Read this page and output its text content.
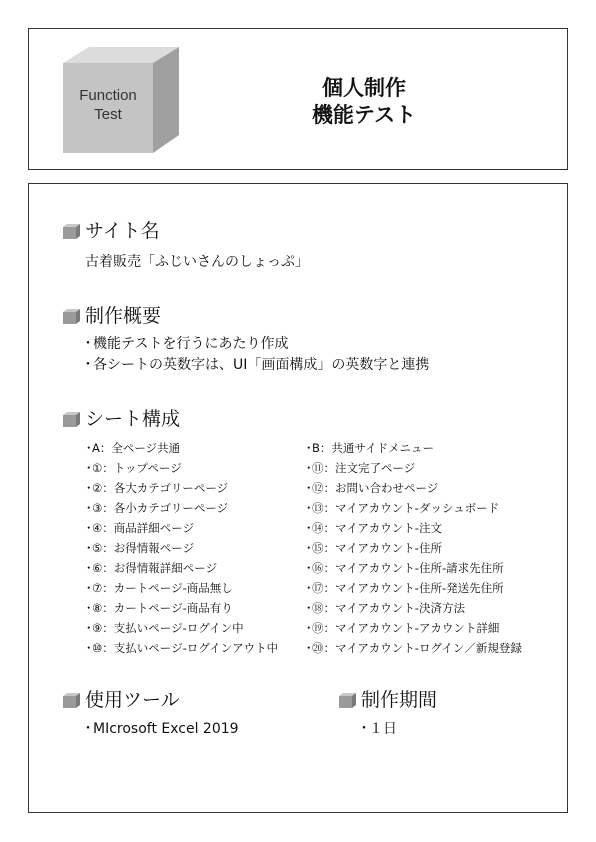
Function
Test
個人制作
機能テスト
サイト名
古着販売「ふじいさんのしょっぷ」
制作概要
・機能テストを行うにあたり作成
・各シートの英数字は、UI「画面構成」の英数字と連携
シート構成
・A：全ページ共通
・①：トップページ
・②：各大カテゴリーページ
・③：各小カテゴリーページ
・④：商品詳細ページ
・⑤：お得情報ページ
・⑥：お得情報詳細ページ
・⑦：カートページ-商品無し
・⑧：カートページ-商品有り
・⑨：支払いページ-ログイン中
・⑩：支払いページ-ログインアウト中
・B：共通サイドメニュー
・⑪：注文完了ページ
・⑫：お問い合わせページ
・⑬：マイアカウント-ダッシュボード
・⑭：マイアカウント-注文
・⑮：マイアカウント-住所
・⑯：マイアカウント-住所-請求先住所
・⑰：マイアカウント-住所-発送先住所
・⑱：マイアカウント-決済方法
・⑲：マイアカウント-アカウント詳細
・⑳：マイアカウント-ログイン／新規登録
使用ツール
・MIcrosoft Excel 2019
制作期間
・１日
